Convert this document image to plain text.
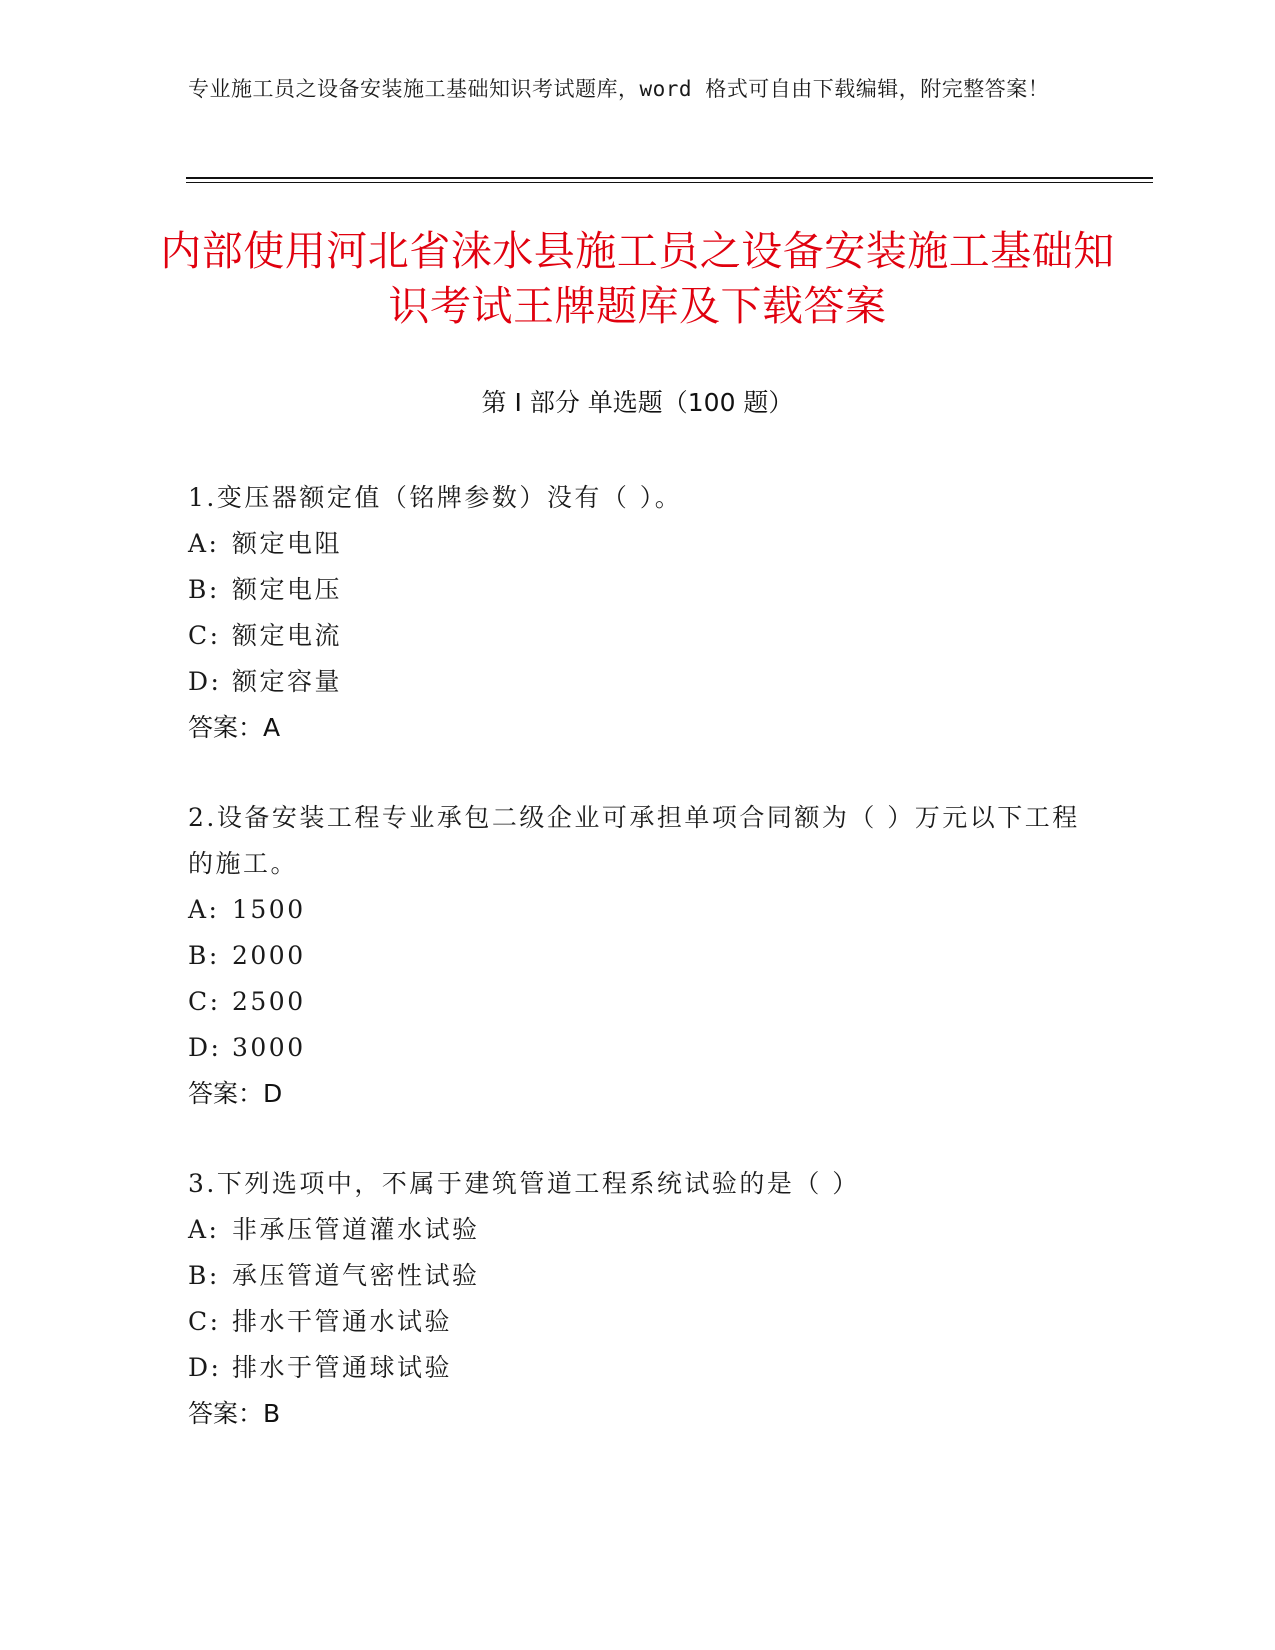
专业施工员之设备安装施工基础知识考试题库，word 格式可自由下载编辑，附完整答案！
内部使用河北省涞水县施工员之设备安装施工基础知识考试王牌题库及下载答案
第 I 部分 单选题（100 题）
1.变压器额定值（铭牌参数）没有（ ）。
A: 额定电阻
B: 额定电压
C: 额定电流
D: 额定容量
答案：A
2.设备安装工程专业承包二级企业可承担单项合同额为（ ）万元以下工程的施工。
A: 1500
B: 2000
C: 2500
D: 3000
答案：D
3.下列选项中，不属于建筑管道工程系统试验的是（ ）
A: 非承压管道灌水试验
B: 承压管道气密性试验
C: 排水干管通水试验
D: 排水于管通球试验
答案：B
